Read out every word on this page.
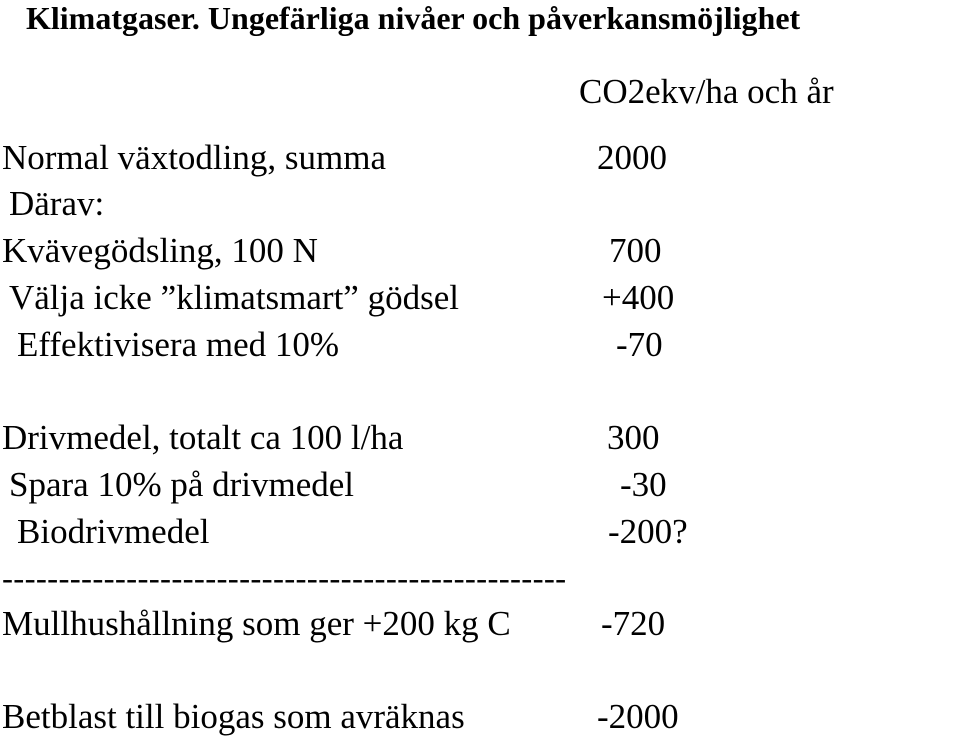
Klimatgaser. Ungefärliga nivåer och påverkansmöjlighet
CO2ekv/ha och år
Normal växtodling, summa	2000
Därav:
Kvävegödsling, 100 N	700
Välja icke ”klimatsmart” gödsel	+400
Effektivisera med 10%	-70
Drivmedel, totalt ca 100 l/ha	300
Spara 10% på drivmedel	-30
Biodrivmedel	-200?
--------------------------------------------------
Mullhushållning som ger +200 kg C	-720
Betblast till biogas som avräknas	-2000
